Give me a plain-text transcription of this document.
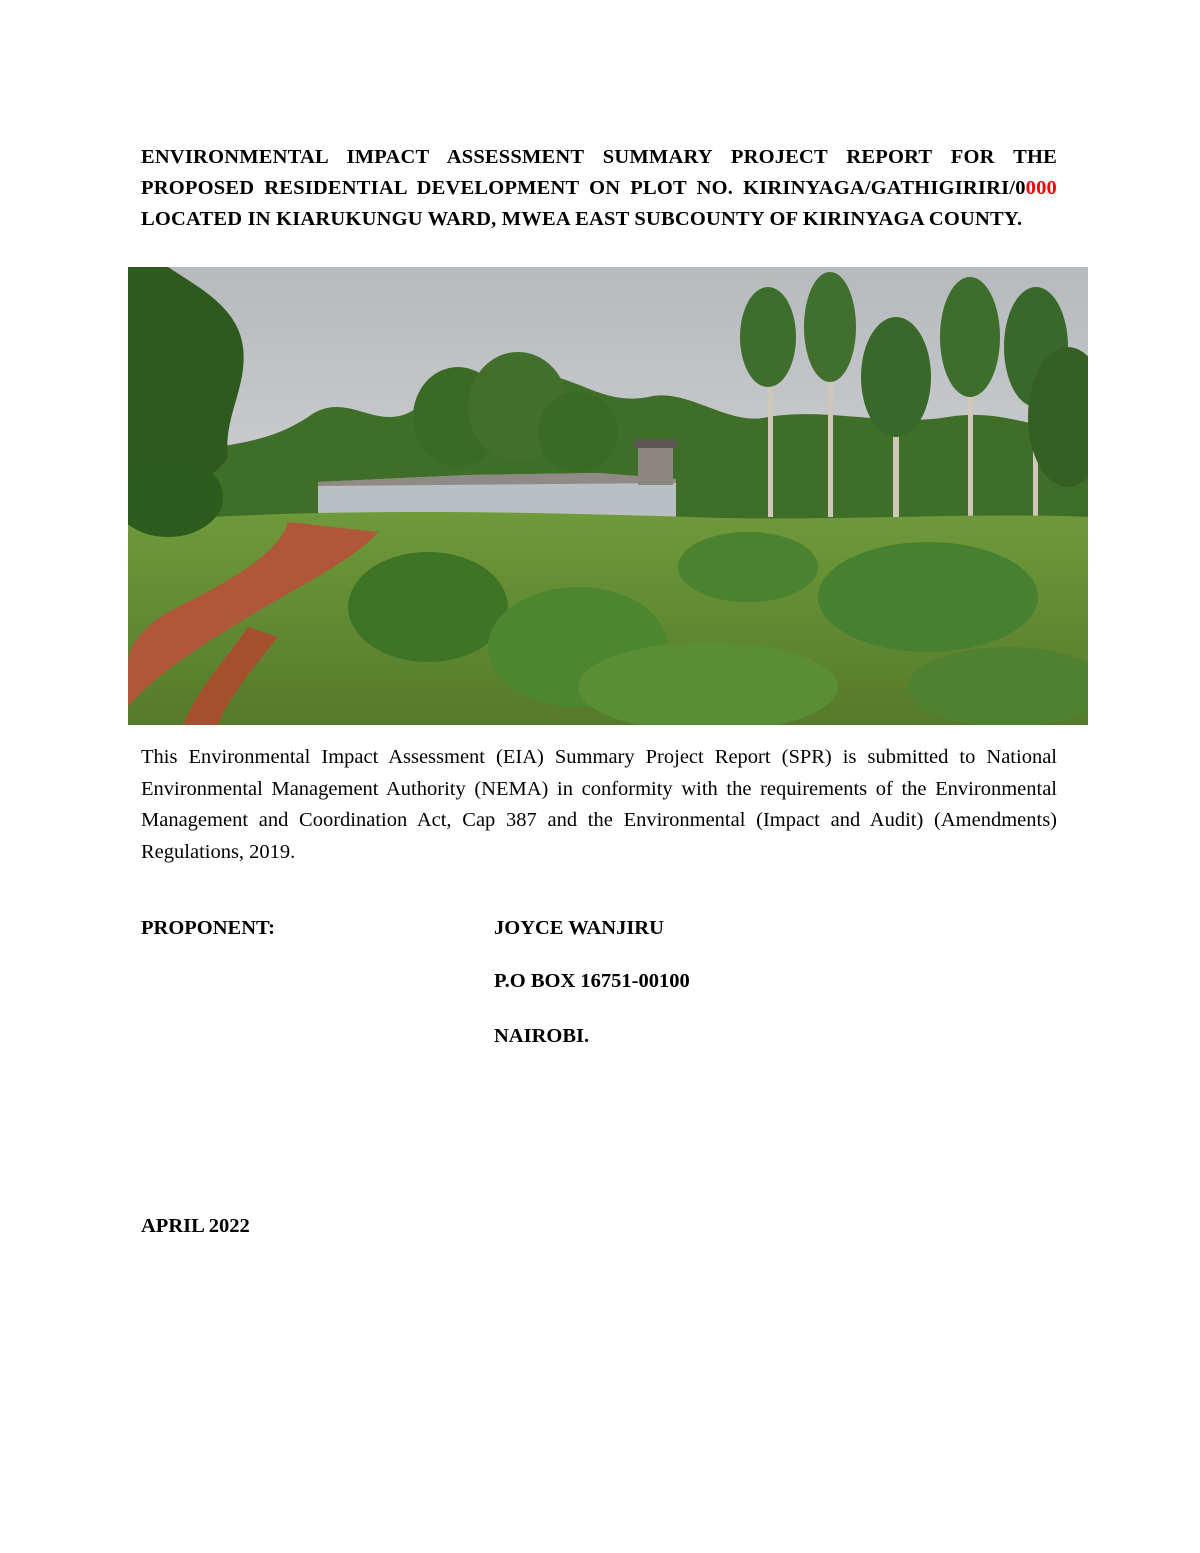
ENVIRONMENTAL IMPACT ASSESSMENT SUMMARY PROJECT REPORT FOR THE PROPOSED RESIDENTIAL DEVELOPMENT ON PLOT NO. KIRINYAGA/GATHIGIRIRI/0000 LOCATED IN KIARUKUNGU WARD, MWEA EAST SUBCOUNTY OF KIRINYAGA COUNTY.
This Environmental Impact Assessment (EIA) Summary Project Report (SPR) is submitted to National Environmental Management Authority (NEMA) in conformity with the requirements of the Environmental Management and Coordination Act, Cap 387 and the Environmental (Impact and Audit) (Amendments) Regulations, 2019.
PROPONENT:	JOYCE WANJIRU
P.O BOX 16751-00100
NAIROBI.
APRIL 2022
